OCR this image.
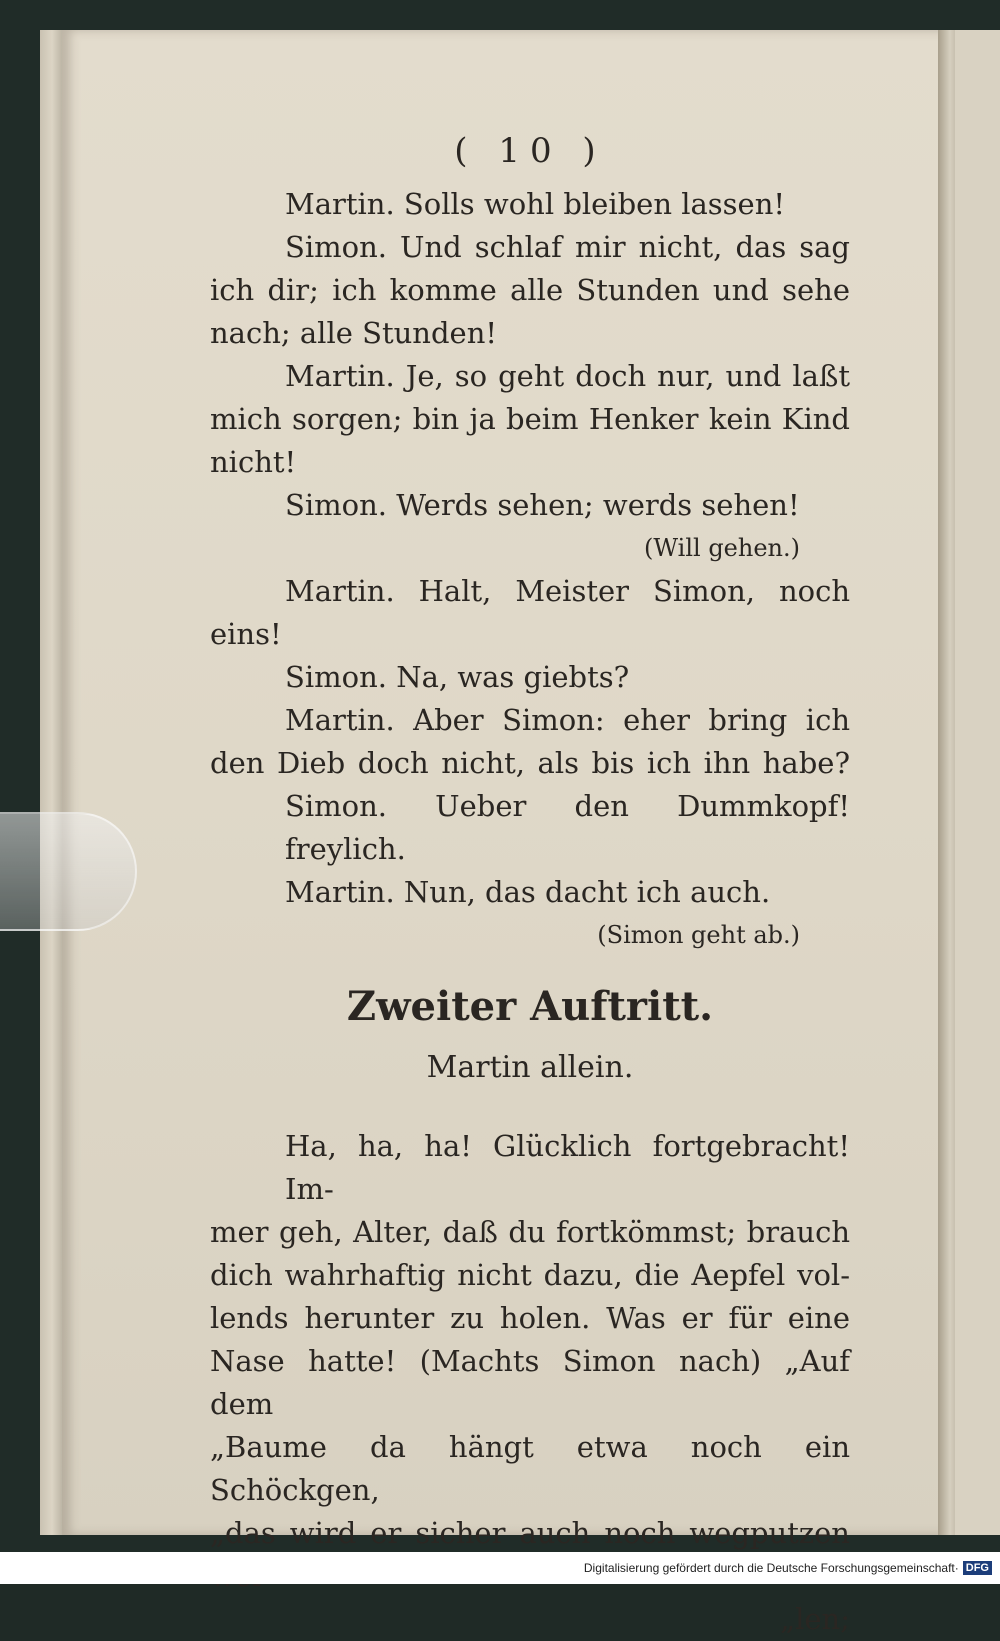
( 10 )
Martin. Solls wohl bleiben lassen!
Simon. Und schlaf mir nicht, das sag
ich dir; ich komme alle Stunden und sehe
nach; alle Stunden!
Martin. Je, so geht doch nur, und laßt
mich sorgen; bin ja beim Henker kein Kind
nicht!
Simon. Werds sehen; werds sehen!
(Will gehen.)
Martin. Halt, Meister Simon, noch
eins!
Simon. Na, was giebts?
Martin. Aber Simon: eher bring ich
den Dieb doch nicht, als bis ich ihn habe?
Simon. Ueber den Dummkopf! freylich.
Martin. Nun, das dacht ich auch.
(Simon geht ab.)
Zweiter Auftritt.
Martin allein.
Ha, ha, ha! Glücklich fortgebracht! Im-
mer geh, Alter, daß du fortkömmst; brauch
dich wahrhaftig nicht dazu, die Aepfel vol-
lends herunter zu holen. Was er für eine
Nase hatte! (Machts Simon nach) „Auf dem
„Baume da hängt etwa noch ein Schöckgen,
„das wird er sicher auch noch wegputzen
„len;
Digitalisierung gefördert durch die Deutsche Forschungsgemeinschaft · DFG
